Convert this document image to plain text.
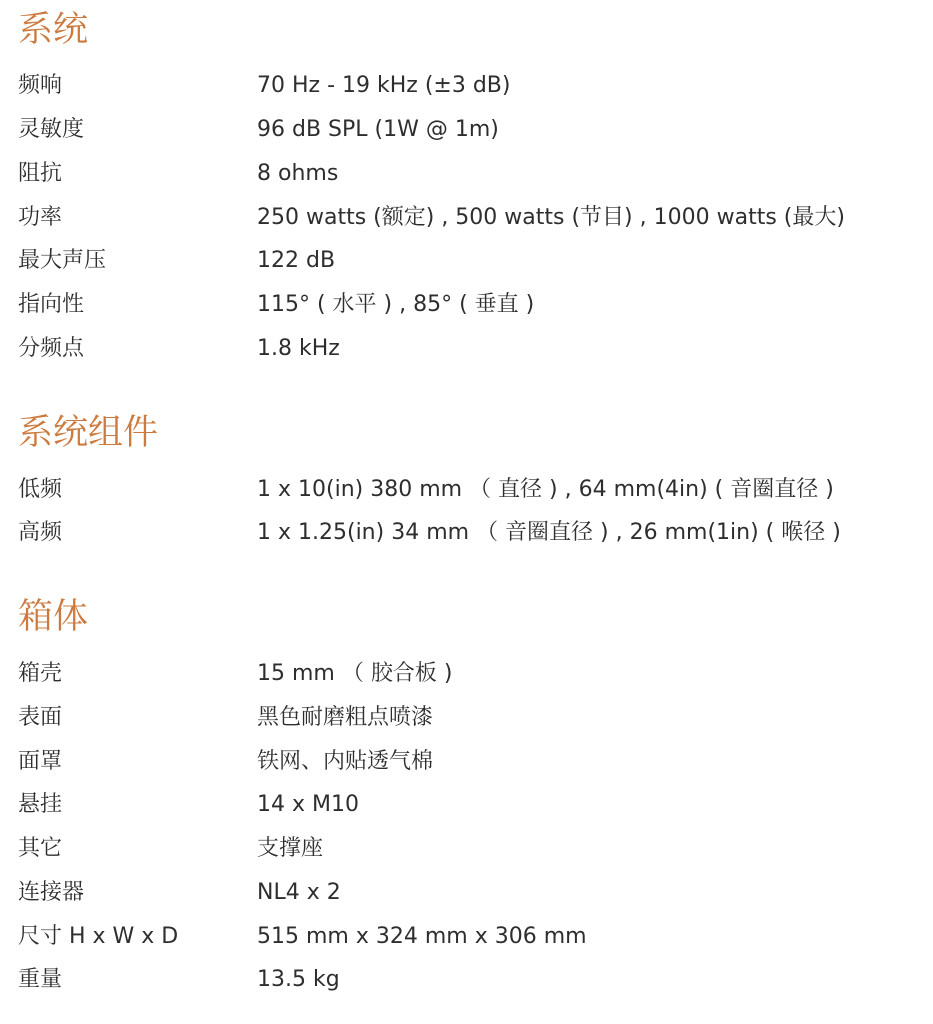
系统
频响	70 Hz - 19 kHz (±3 dB)
灵敏度	96 dB SPL (1W @ 1m)
阻抗	8 ohms
功率	250 watts (额定) , 500 watts (节目) , 1000 watts (最大)
最大声压	122 dB
指向性	115° ( 水平 ) , 85° ( 垂直 )
分频点	1.8 kHz
系统组件
低频	1 x 10(in) 380 mm （ 直径 ) , 64 mm(4in) ( 音圈直径 )
高频	1 x 1.25(in) 34 mm （ 音圈直径 ) , 26 mm(1in) ( 喉径 )
箱体
箱壳	15 mm （ 胶合板 )
表面	黑色耐磨粗点喷漆
面罩	铁网、内贴透气棉
悬挂	14 x M10
其它	支撑座
连接器	NL4 x 2
尺寸 H x W x D	515 mm x 324 mm x 306 mm
重量	13.5 kg
